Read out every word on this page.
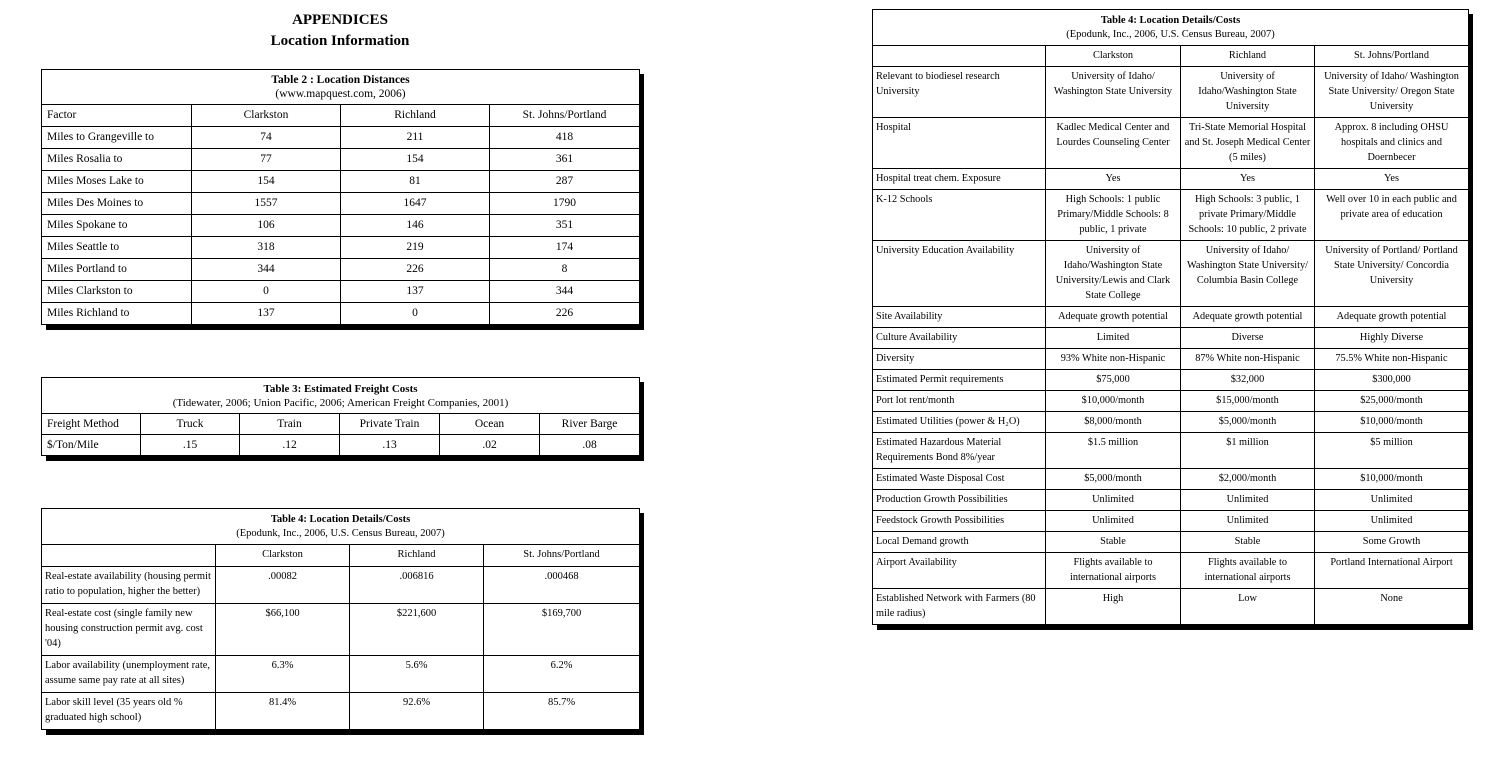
APPENDICES
Location Information
Table 2 : Location Distances
(www.mapquest.com, 2006)			

Factor	Clarkston	Richland	St. Johns/Portland
Miles to Grangeville to	74	211	418
Miles Rosalia to	77	154	361
Miles Moses Lake to	154	81	287
Miles Des Moines to	1557	1647	1790
Miles Spokane to	106	146	351
Miles Seattle to	318	219	174
Miles Portland to	344	226	8
Miles Clarkston to	0	137	344
Miles Richland to	137	0	226
Table 3: Estimated Freight Costs
(Tidewater, 2006; Union Pacific, 2006; American Freight Companies, 2001)					

Freight Method	Truck	Train	Private Train	Ocean	River Barge
$/Ton/Mile	.15	.12	.13	.02	.08
Table 4: Location Details/Costs
(Epodunk, Inc., 2006, U.S. Census Bureau, 2007)			

	Clarkston	Richland	St. Johns/Portland
Real-estate availability (housing permit ratio to population, higher the better)	.00082	.006816	.000468
Real-estate cost (single family new housing construction permit avg. cost '04)	$66,100	$221,600	$169,700
Labor availability (unemployment rate, assume same pay rate at all sites)	6.3%	5.6%	6.2%
Labor skill level (35 years old % graduated high school)	81.4%	92.6%	85.7%
Table 4: Location Details/Costs
(Epodunk, Inc., 2006, U.S. Census Bureau, 2007)			

	Clarkston	Richland	St. Johns/Portland
Relevant to biodiesel research University	University of Idaho/ Washington State University	University of Idaho/Washington State University	University of Idaho/ Washington State University/ Oregon State University
Hospital	Kadlec Medical Center and Lourdes Counseling Center	Tri-State Memorial Hospital and St. Joseph Medical Center (5 miles)	Approx. 8 including OHSU hospitals and clinics and Doernbecer
Hospital treat chem. Exposure	Yes	Yes	Yes
K-12 Schools	High Schools: 1 public Primary/Middle Schools: 8 public, 1 private	High Schools: 3 public, 1 private Primary/Middle Schools: 10 public, 2 private	Well over 10 in each public and private area of education
University Education Availability	University of Idaho/Washington State University/Lewis and Clark State College	University of Idaho/ Washington State University/ Columbia Basin College	University of Portland/ Portland State University/ Concordia University
Site Availability	Adequate growth potential	Adequate growth potential	Adequate growth potential
Culture Availability	Limited	Diverse	Highly Diverse
Diversity	93% White non-Hispanic	87% White non-Hispanic	75.5% White non-Hispanic
Estimated Permit requirements	$75,000	$32,000	$300,000
Port lot rent/month	$10,000/month	$15,000/month	$25,000/month
Estimated Utilities (power & H₂O)	$8,000/month	$5,000/month	$10,000/month
Estimated Hazardous Material Requirements Bond 8%/year	$1.5 million	$1 million	$5 million
Estimated Waste Disposal Cost	$5,000/month	$2,000/month	$10,000/month
Production Growth Possibilities	Unlimited	Unlimited	Unlimited
Feedstock Growth Possibilities	Unlimited	Unlimited	Unlimited
Local Demand growth	Stable	Stable	Some Growth
Airport Availability	Flights available to international airports	Flights available to international airports	Portland International Airport
Established Network with Farmers (80 mile radius)	High	Low	None
